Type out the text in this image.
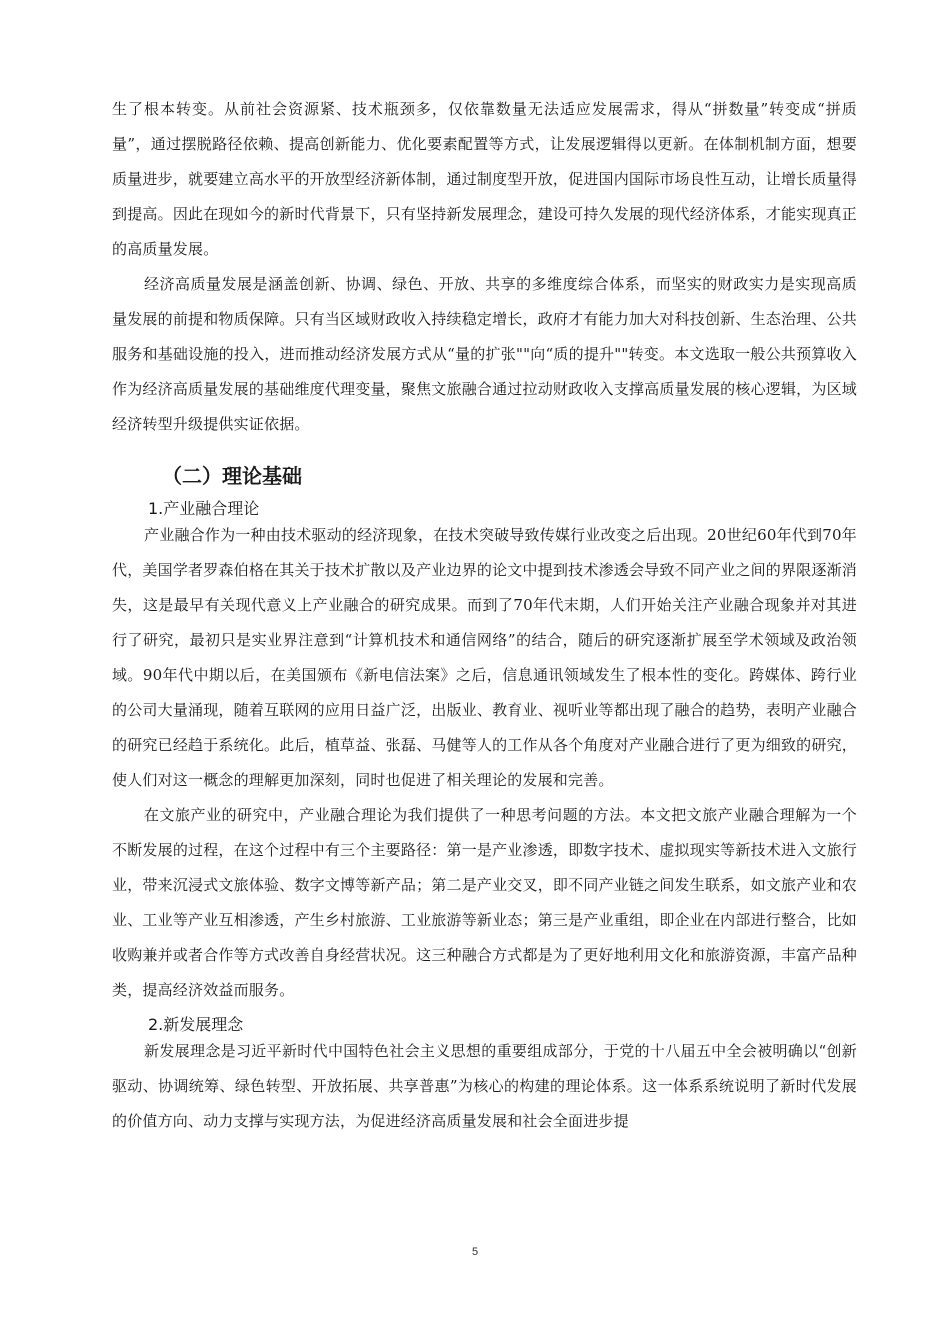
生了根本转变。从前社会资源紧、技术瓶颈多，仅依靠数量无法适应发展需求，得从“拼数量”转变成“拼质量”，通过摆脱路径依赖、提高创新能力、优化要素配置等方式，让发展逻辑得以更新。在体制机制方面，想要质量进步，就要建立高水平的开放型经济新体制，通过制度型开放，促进国内国际市场良性互动，让增长质量得到提高。因此在现如今的新时代背景下，只有坚持新发展理念，建设可持久发展的现代经济体系，才能实现真正的高质量发展。

经济高质量发展是涵盖创新、协调、绿色、开放、共享的多维度综合体系，而坚实的财政实力是实现高质量发展的前提和物质保障。只有当区域财政收入持续稳定增长，政府才有能力加大对科技创新、生态治理、公共服务和基础设施的投入，进而推动经济发展方式从“量的扩张""向“质的提升""转变。本文选取一般公共预算收入作为经济高质量发展的基础维度代理变量，聚焦文旅融合通过拉动财政收入支撑高质量发展的核心逻辑，为区域经济转型升级提供实证依据。

（二）理论基础
1.产业融合理论

产业融合作为一种由技术驱动的经济现象，在技术突破导致传媒行业改变之后出现。20世纪60年代到70年代，美国学者罗森伯格在其关于技术扩散以及产业边界的论文中提到技术渗透会导致不同产业之间的界限逐渐消失，这是最早有关现代意义上产业融合的研究成果。而到了70年代末期，人们开始关注产业融合现象并对其进行了研究，最初只是实业界注意到“计算机技术和通信网络”的结合，随后的研究逐渐扩展至学术领域及政治领域。90年代中期以后，在美国颁布《新电信法案》之后，信息通讯领域发生了根本性的变化。跨媒体、跨行业的公司大量涌现，随着互联网的应用日益广泛，出版业、教育业、视听业等都出现了融合的趋势，表明产业融合的研究已经趋于系统化。此后，植草益、张磊、马健等人的工作从各个角度对产业融合进行了更为细致的研究，使人们对这一概念的理解更加深刻，同时也促进了相关理论的发展和完善。

在文旅产业的研究中，产业融合理论为我们提供了一种思考问题的方法。本文把文旅产业融合理解为一个不断发展的过程，在这个过程中有三个主要路径：第一是产业渗透，即数字技术、虚拟现实等新技术进入文旅行业，带来沉浸式文旅体验、数字文博等新产品；第二是产业交叉，即不同产业链之间发生联系，如文旅产业和农业、工业等产业互相渗透，产生乡村旅游、工业旅游等新业态；第三是产业重组，即企业在内部进行整合，比如收购兼并或者合作等方式改善自身经营状况。这三种融合方式都是为了更好地利用文化和旅游资源，丰富产品种类，提高经济效益而服务。

2.新发展理念

新发展理念是习近平新时代中国特色社会主义思想的重要组成部分，于党的十八届五中全会被明确以“创新驱动、协调统筹、绿色转型、开放拓展、共享普惠”为核心的构建的理论体系。这一体系系统说明了新时代发展的价值方向、动力支撑与实现方法，为促进经济高质量发展和社会全面进步提

5
